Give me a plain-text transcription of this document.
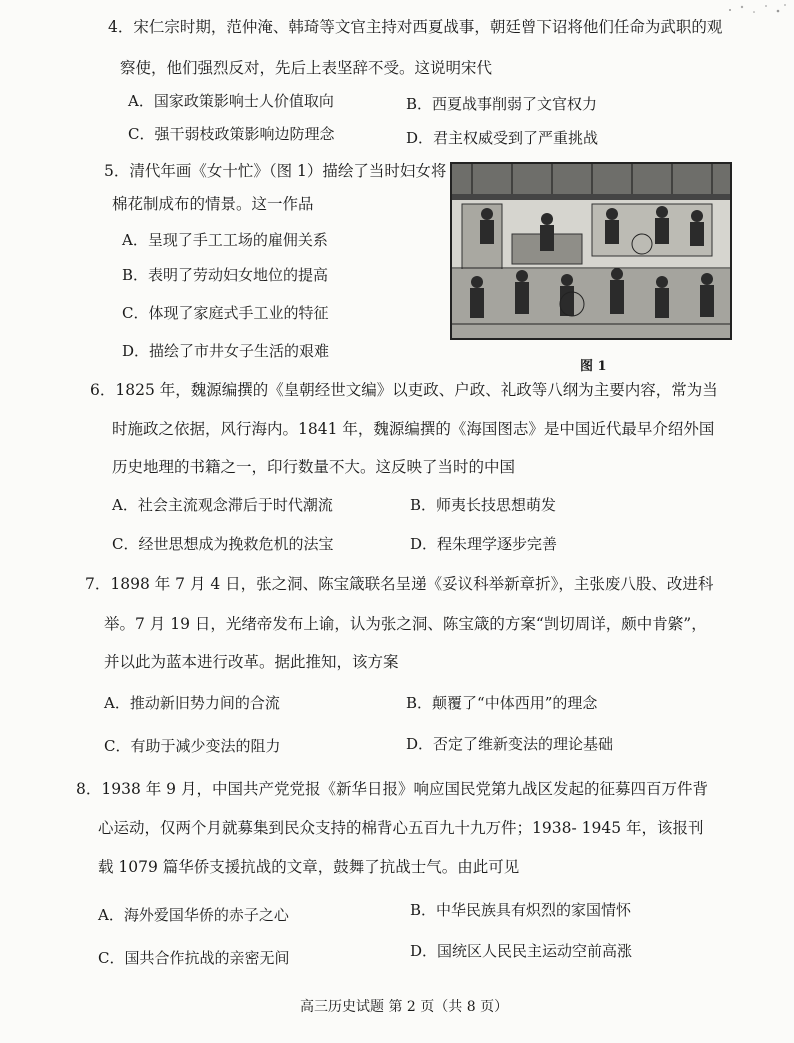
4．宋仁宗时期，范仲淹、韩琦等文官主持对西夏战事，朝廷曾下诏将他们任命为武职的观
察使，他们强烈反对，先后上表坚辞不受。这说明宋代
A．国家政策影响士人价值取向	B．西夏战事削弱了文官权力
C．强干弱枝政策影响边防理念	D．君主权威受到了严重挑战
5．清代年画《女十忙》（图 1）描绘了当时妇女将
棉花制成布的情景。这一作品
A．呈现了手工工场的雇佣关系
B．表明了劳动妇女地位的提高
C．体现了家庭式手工业的特征
D．描绘了市井女子生活的艰难
图 1
6．1825 年，魏源编撰的《皇朝经世文编》以吏政、户政、礼政等八纲为主要内容，常为当
时施政之依据，风行海内。1841 年，魏源编撰的《海国图志》是中国近代最早介绍外国
历史地理的书籍之一，印行数量不大。这反映了当时的中国
A．社会主流观念滞后于时代潮流	B．师夷长技思想萌发
C．经世思想成为挽救危机的法宝	D．程朱理学逐步完善
7．1898 年 7 月 4 日，张之洞、陈宝箴联名呈递《妥议科举新章折》，主张废八股、改进科
举。7 月 19 日，光绪帝发布上谕，认为张之洞、陈宝箴的方案“剀切周详，颇中肯綮”，
并以此为蓝本进行改革。据此推知，该方案
A．推动新旧势力间的合流	B．颠覆了“中体西用”的理念
C．有助于减少变法的阻力	D．否定了维新变法的理论基础
8．1938 年 9 月，中国共产党党报《新华日报》响应国民党第九战区发起的征募四百万件背
心运动，仅两个月就募集到民众支持的棉背心五百九十九万件；1938- 1945 年，该报刊
载 1079 篇华侨支援抗战的文章，鼓舞了抗战士气。由此可见
A．海外爱国华侨的赤子之心	B．中华民族具有炽烈的家国情怀
C．国共合作抗战的亲密无间	D．国统区人民民主运动空前高涨
高三历史试题 第 2 页（共 8 页）
